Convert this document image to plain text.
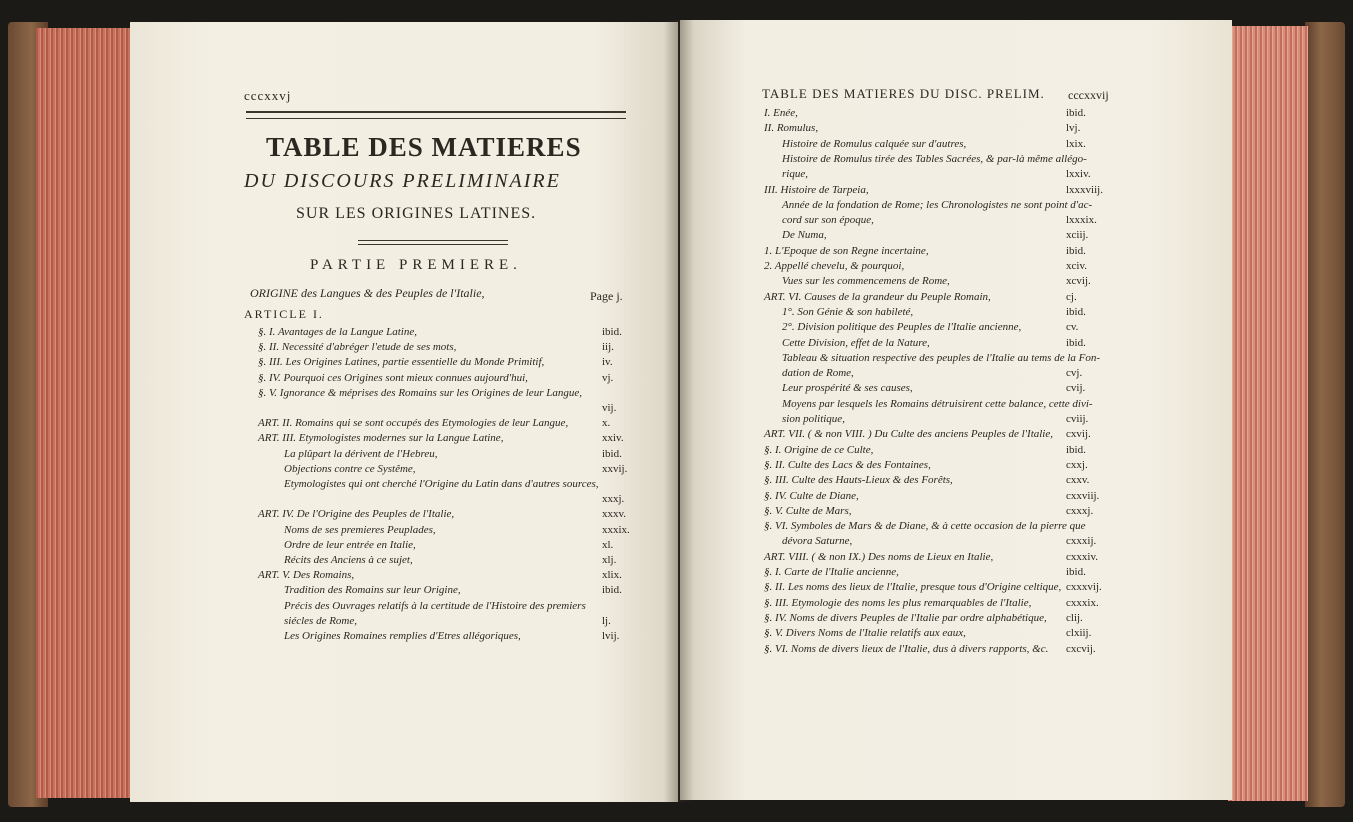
cccxxvj
TABLE DES MATIERES
DU DISCOURS PRELIMINAIRE
SUR LES ORIGINES LATINES.
PARTIE PREMIERE.
ORIGINE des Langues & des Peuples de l'Italie,	Page j.
ARTICLE I.
§. I. Avantages de la Langue Latine,	ibid.
§. II. Necessité d'abréger l'etude de ses mots,	iij.
§. III. Les Origines Latines, partie essentielle du Monde Primitif,	iv.
§. IV. Pourquoi ces Origines sont mieux connues aujourd'hui,	vj.
§. V. Ignorance & méprises des Romains sur les Origines de leur Langue,
vij.
ART. II. Romains qui se sont occupés des Etymologies de leur Langue,	x.
ART. III. Etymologistes modernes sur la Langue Latine,	xxiv.
La plûpart la dérivent de l'Hebreu,	ibid.
Objections contre ce Systême,	xxvij.
Etymologistes qui ont cherché l'Origine du Latin dans d'autres sources,
xxxj.
ART. IV. De l'Origine des Peuples de l'Italie,	xxxv.
Noms de ses premieres Peuplades,	xxxix.
Ordre de leur entrée en Italie,	xl.
Récits des Anciens à ce sujet,	xlj.
ART. V. Des Romains,	xlix.
Tradition des Romains sur leur Origine,	ibid.
Précis des Ouvrages relatifs à la certitude de l'Histoire des premiers
siécles de Rome,	lj.
Les Origines Romaines remplies d'Etres allégoriques,	lvij.
TABLE DES MATIERES DU DISC. PRELIM. cccxxvij
I. Enée,	ibid.
II. Romulus,	lvj.
Histoire de Romulus calquée sur d'autres,	lxix.
Histoire de Romulus tirée des Tables Sacrées, & par-là même allégo-
rique,	lxxiv.
III. Histoire de Tarpeia,	lxxxviij.
Année de la fondation de Rome; les Chronologistes ne sont point d'ac-
cord sur son époque,	lxxxix.
De Numa,	xciij.
1. L'Epoque de son Regne incertaine,	ibid.
2. Appellé chevelu, & pourquoi,	xciv.
Vues sur les commencemens de Rome,	xcvij.
ART. VI. Causes de la grandeur du Peuple Romain,	cj.
1°. Son Génie & son habileté,	ibid.
2°. Division politique des Peuples de l'Italie ancienne,	cv.
Cette Division, effet de la Nature,	ibid.
Tableau & situation respective des peuples de l'Italie au tems de la Fon-
dation de Rome,	cvj.
Leur prospérité & ses causes,	cvij.
Moyens par lesquels les Romains détruisirent cette balance, cette divi-
sion politique,	cviij.
ART. VII. ( & non VIII. ) Du Culte des anciens Peuples de l'Italie, cxvij.
§. I. Origine de ce Culte,	ibid.
§. II. Culte des Lacs & des Fontaines,	cxxj.
§. III. Culte des Hauts-Lieux & des Forêts,	cxxv.
§. IV. Culte de Diane,	cxxviij.
§. V. Culte de Mars,	cxxxj.
§. VI. Symboles de Mars & de Diane, & à cette occasion de la pierre que
dévora Saturne,	cxxxij.
ART. VIII. ( & non IX.) Des noms de Lieux en Italie,	cxxxiv.
§. I. Carte de l'Italie ancienne,	ibid.
§. II. Les noms des lieux de l'Italie, presque tous d'Origine celtique, cxxxvij.
§. III. Etymologie des noms les plus remarquables de l'Italie,	cxxxix.
§. IV. Noms de divers Peuples de l'Italie par ordre alphabétique, clij.
§. V. Divers Noms de l'Italie relatifs aux eaux,	clxiij.
§. VI. Noms de divers lieux de l'Italie, dus à divers rapports, &c. cxcvij.
